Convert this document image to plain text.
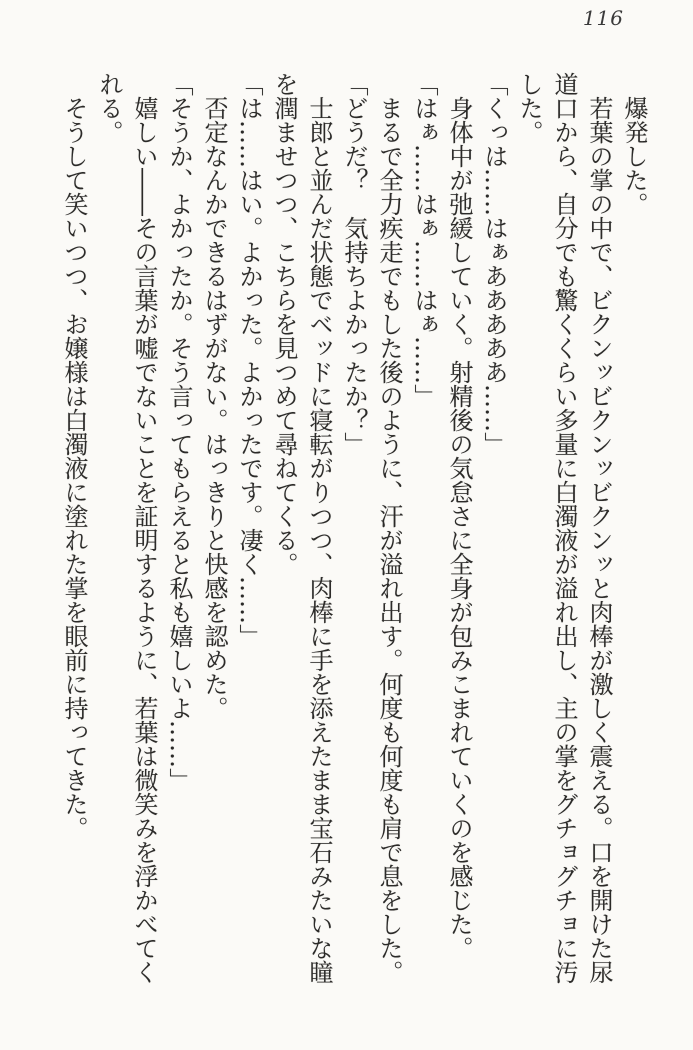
116

爆発した。

若葉の掌の中で、ビクンッビクンッビクンッと肉棒が激しく震える。口を開けた尿

道口から、自分でも驚くくらい多量に白濁液が溢れ出し、主の掌をグチョグチョに汚

した。

「くっは……はぁあああああ……」

身体中が弛緩していく。射精後の気怠さに全身が包みこまれていくのを感じた。

「はぁ……はぁ……はぁ……」

まるで全力疾走でもした後のように、汗が溢れ出す。何度も何度も肩で息をした。

「どうだ？　気持ちよかったか？」

士郎と並んだ状態でベッドに寝転がりつつ、肉棒に手を添えたまま宝石みたいな瞳

を潤ませつつ、こちらを見つめて尋ねてくる。

「は……はい。よかった。よかったです。凄く……」

否定なんかできるはずがない。はっきりと快感を認めた。

「そうか、よかったか。そう言ってもらえると私も嬉しいよ……」

嬉しい――その言葉が嘘でないことを証明するように、若葉は微笑みを浮かべてく

れる。

そうして笑いつつ、お嬢様は白濁液に塗れた掌を眼前に持ってきた。
